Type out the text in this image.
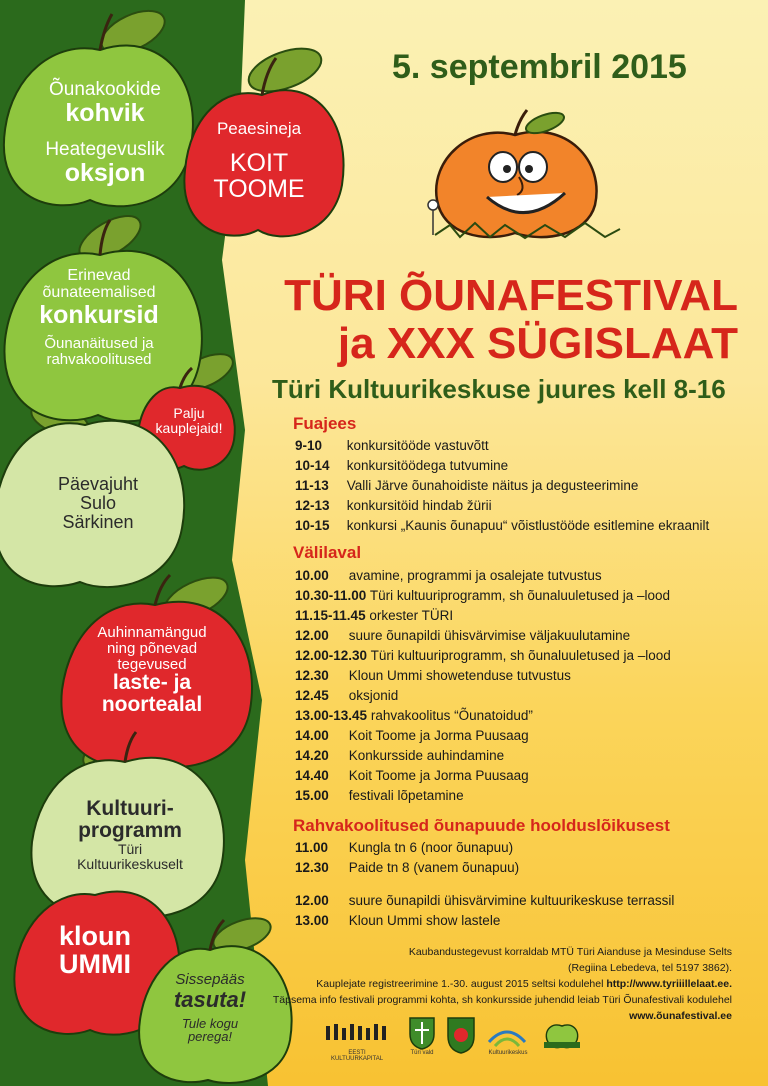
Õunakookide
kohvik
Heategevuslik
oksjon
Peaesineja
KOIT
TOOME
Erinevad
õunateemalised
konkursid
Õunanäitused ja
rahvakoolitused
Palju
kauplejaid!
Päevajuht
Sulo
Särkinen
Auhinnamängud
ning põnevad
tegevused
laste- ja
noortealal
Kultuuri-
programm
Türi
Kultuurikeskuselt
kloun
UMMI
Sissepääs
tasuta!
Tule kogu
perega!
5. septembril 2015
TÜRI ÕUNAFESTIVAL
ja XXX SÜGISLAAT
Türi Kultuurikeskuse juures kell 8-16
Fuajees
9-10 konkursitööde vastuvõtt
10-14 konkursitöödega tutvumine
11-13 Valli Järve õunahoidiste näitus ja degusteerimine
12-13 konkursitöid hindab žürii
10-15 konkursi „Kaunis õunapuu“ võistlustööde esitlemine ekraanilt
Välilaval
10.00 avamine, programmi ja osalejate tutvustus
10.30-11.00 Türi kultuuriprogramm, sh õunaluuletused ja –lood
11.15-11.45 orkester TÜRI
12.00 suure õunapildi ühisvärvimise väljakuulutamine
12.00-12.30 Türi kultuuriprogramm, sh õunaluuletused ja –lood
12.30 Kloun Ummi showetenduse tutvustus
12.45 oksjonid
13.00-13.45 rahvakoolitus “Õunatoidud”
14.00 Koit Toome ja Jorma Puusaag
14.20 Konkursside auhindamine
14.40 Koit Toome ja Jorma Puusaag
15.00 festivali lõpetamine
Rahvakoolitused õunapuude hoolduslõikusest
11.00 Kungla tn 6 (noor õunapuu)
12.30 Paide tn 8 (vanem õunapuu)
12.00 suure õunapildi ühisvärvimine kultuurikeskuse terrassil
13.00 Kloun Ummi show lastele
Kaubandustegevust korraldab MTÜ Türi Aianduse ja Mesinduse Selts
(Regiina Lebedeva, tel 5197 3862).
Kauplejate registreerimine 1.-30. august 2015 seltsi kodulehel http://www.tyriiillelaat.ee.
Täpsema info festivali programmi kohta, sh konkursside juhendid leiab Türi Õunafestivali kodulehel
www.õunafestival.ee
EESTI KULTUURKAPITAL
Türi vald	Kultuurikeskus
